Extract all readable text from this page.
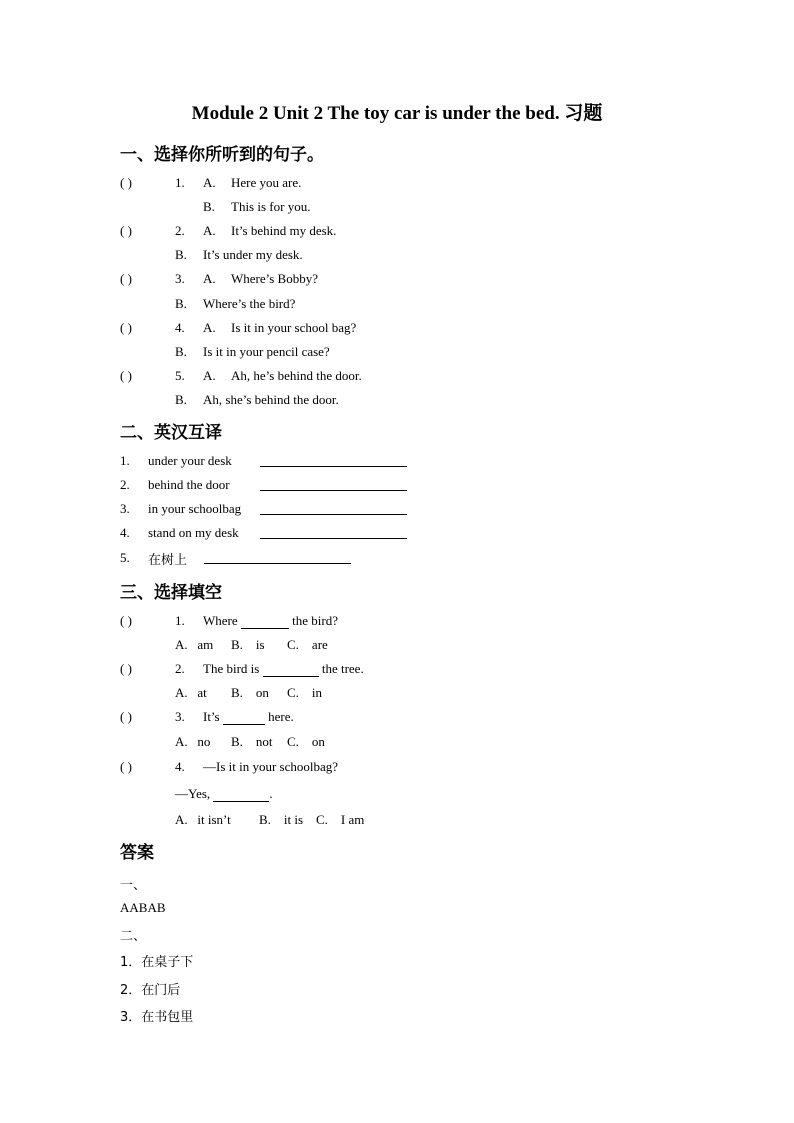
Module 2 Unit 2 The toy car is under the bed. 习题
一、选择你所听到的句子。
( )	1. A. Here you are.
B. This is for you.
( )	2. A. It’s behind my desk.
B. It’s under my desk.
( )	3. A. Where’s Bobby?
B. Where’s the bird?
( )	4. A. Is it in your school bag?
B. Is it in your pencil case?
( )	5. A. Ah, he’s behind the door.
B. Ah, she’s behind the door.
二、英汉互译
1. under your desk
2. behind the door
3. in your schoolbag
4. stand on my desk
5. 在树上
三、选择填空
( )	1. Where	the bird?
A. am B. is C. are
( )	2. The bird is	the tree.
A. at B. on C. in
( )	3. It’s	here.
A. no B. not C. on
( )	4. —Is it in your schoolbag?
—Yes,	.
A. it isn’t B. it is C. I am
答案
一、
AABAB
二、
1．在桌子下
2．在门后
3．在书包里
